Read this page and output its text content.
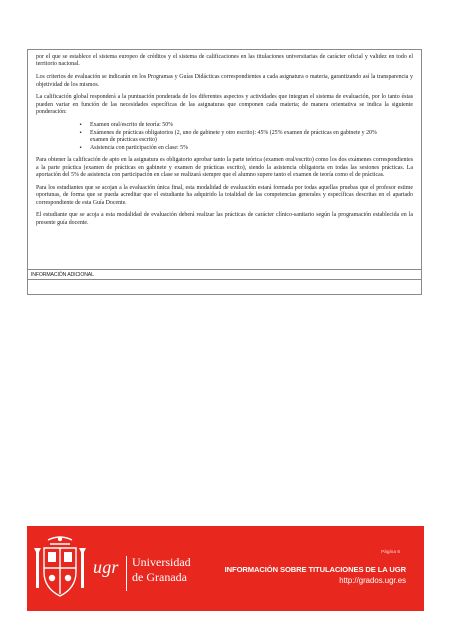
por el que se establece el sistema europeo de créditos y el sistema de calificaciones en las titulaciones universitarias de carácter oficial y validez en todo el territorio nacional.

Los criterios de evaluación se indicarán en los Programas y Guías Didácticas correspondientes a cada asignatura o materia, garantizando así la transparencia y objetividad de los mismos.

La calificación global responderá a la puntuación ponderada de los diferentes aspectos y actividades que integran el sistema de evaluación, por lo tanto éstas pueden variar en función de las necesidades específicas de las asignaturas que componen cada materia; de manera orientativa se indica la siguiente ponderación:

• Examen oral/escrito de teoría: 50%
• Exámenes de prácticas obligatorios (2, uno de gabinete y otro escrito): 45% (25% examen de prácticas en gabinete y 20% examen de prácticas escrito)
• Asistencia con participación en clase: 5%

Para obtener la calificación de apto en la asignatura es obligatorio aprobar tanto la parte teórica (examen oral/escrito) como los dos exámenes correspondientes a la parte práctica (examen de prácticas en gabinete y examen de prácticas escrito), siendo la asistencia obligatoria en todas las sesiones prácticas. La aportación del 5% de asistencia con participación en clase se realizará siempre que el alumno supere tanto el examen de teoría como el de prácticas.

Para los estudiantes que se acojan a la evaluación única final, esta modalidad de evaluación estará formada por todas aquellas pruebas que el profesor estime oportunas, de forma que se pueda acreditar que el estudiante ha adquirido la totalidad de las competencias generales y específicas descritas en el apartado correspondiente de esta Guía Docente.

El estudiante que se acoja a esta modalidad de evaluación deberá realizar las prácticas de carácter clínico-sanitario según la programación establecida en la presente guía docente.

INFORMACIÓN ADICIONAL
Página 6
ugr Universidad
de Granada
INFORMACIÓN SOBRE TITULACIONES DE LA UGR
http://grados.ugr.es
